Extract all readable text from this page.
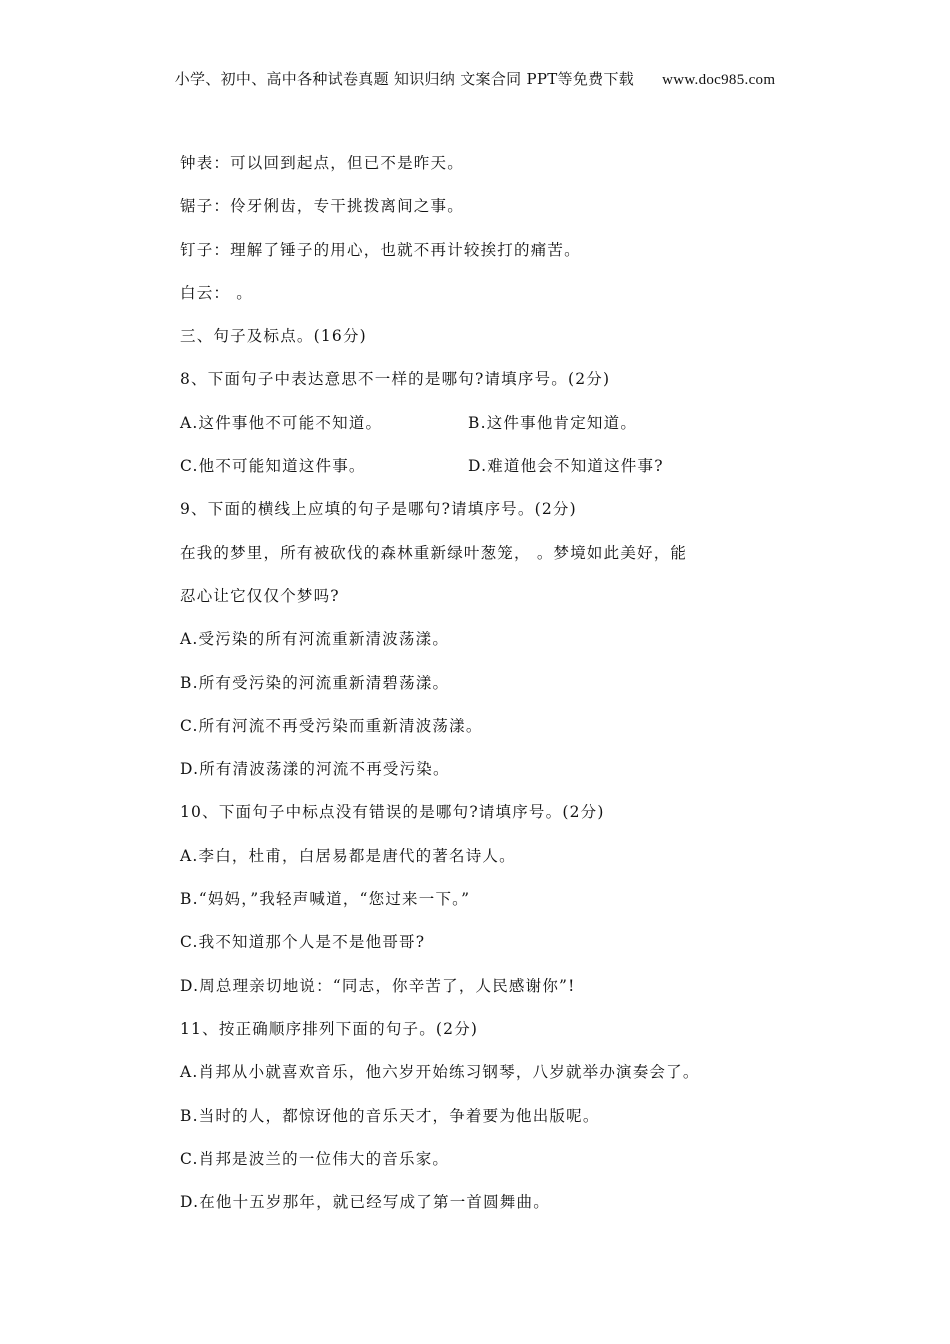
小学、初中、高中各种试卷真题 知识归纳 文案合同 PPT等免费下载 www.doc985.com
钟表：可以回到起点，但已不是昨天。
锯子：伶牙俐齿，专干挑拨离间之事。
钉子：理解了锤子的用心，也就不再计较挨打的痛苦。
白云： 。
三、句子及标点。(16分)
8、下面句子中表达意思不一样的是哪句?请填序号。(2分)
A.这件事他不可能不知道。	B.这件事他肯定知道。
C.他不可能知道这件事。	D.难道他会不知道这件事?
9、下面的横线上应填的句子是哪句?请填序号。(2分)
在我的梦里，所有被砍伐的森林重新绿叶葱笼， 。梦境如此美好，能
忍心让它仅仅个梦吗?
A.受污染的所有河流重新清波荡漾。
B.所有受污染的河流重新清碧荡漾。
C.所有河流不再受污染而重新清波荡漾。
D.所有清波荡漾的河流不再受污染。
10、下面句子中标点没有错误的是哪句?请填序号。(2分)
A.李白，杜甫，白居易都是唐代的著名诗人。
B.“妈妈，”我轻声喊道，“您过来一下。”
C.我不知道那个人是不是他哥哥?
D.周总理亲切地说：“同志，你辛苦了，人民感谢你”!
11、按正确顺序排列下面的句子。(2分)
A.肖邦从小就喜欢音乐，他六岁开始练习钢琴，八岁就举办演奏会了。
B.当时的人，都惊讶他的音乐天才，争着要为他出版呢。
C.肖邦是波兰的一位伟大的音乐家。
D.在他十五岁那年，就已经写成了第一首圆舞曲。
